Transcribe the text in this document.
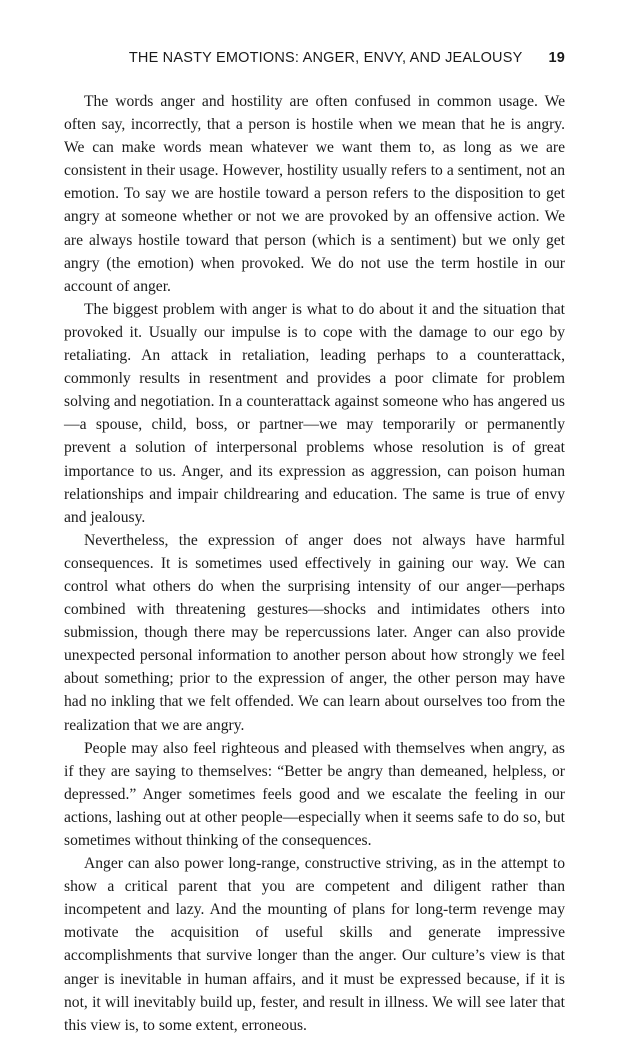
THE NASTY EMOTIONS: ANGER, ENVY, AND JEALOUSY 19

The words anger and hostility are often confused in common usage. We often say, incorrectly, that a person is hostile when we mean that he is angry. We can make words mean whatever we want them to, as long as we are consistent in their usage. However, hostility usually refers to a sentiment, not an emotion. To say we are hostile toward a person refers to the disposition to get angry at someone whether or not we are provoked by an offensive action. We are always hostile toward that person (which is a sentiment) but we only get angry (the emotion) when provoked. We do not use the term hostile in our account of anger.

The biggest problem with anger is what to do about it and the situation that provoked it. Usually our impulse is to cope with the damage to our ego by retaliating. An attack in retaliation, leading perhaps to a counterattack, commonly results in resentment and provides a poor climate for problem solving and negotiation. In a counterattack against someone who has angered us—a spouse, child, boss, or partner—we may temporarily or permanently prevent a solution of interpersonal problems whose resolution is of great importance to us. Anger, and its expression as aggression, can poison human relationships and impair childrearing and education. The same is true of envy and jealousy.

Nevertheless, the expression of anger does not always have harmful consequences. It is sometimes used effectively in gaining our way. We can control what others do when the surprising intensity of our anger—perhaps combined with threatening gestures—shocks and intimidates others into submission, though there may be repercussions later. Anger can also provide unexpected personal information to another person about how strongly we feel about something; prior to the expression of anger, the other person may have had no inkling that we felt offended. We can learn about ourselves too from the realization that we are angry.

People may also feel righteous and pleased with themselves when angry, as if they are saying to themselves: “Better be angry than demeaned, helpless, or depressed.” Anger sometimes feels good and we escalate the feeling in our actions, lashing out at other people—especially when it seems safe to do so, but sometimes without thinking of the consequences.

Anger can also power long-range, constructive striving, as in the attempt to show a critical parent that you are competent and diligent rather than incompetent and lazy. And the mounting of plans for long-term revenge may motivate the acquisition of useful skills and generate impressive accomplishments that survive longer than the anger. Our culture’s view is that anger is inevitable in human affairs, and it must be expressed because, if it is not, it will inevitably build up, fester, and result in illness. We will see later that this view is, to some extent, erroneous.
